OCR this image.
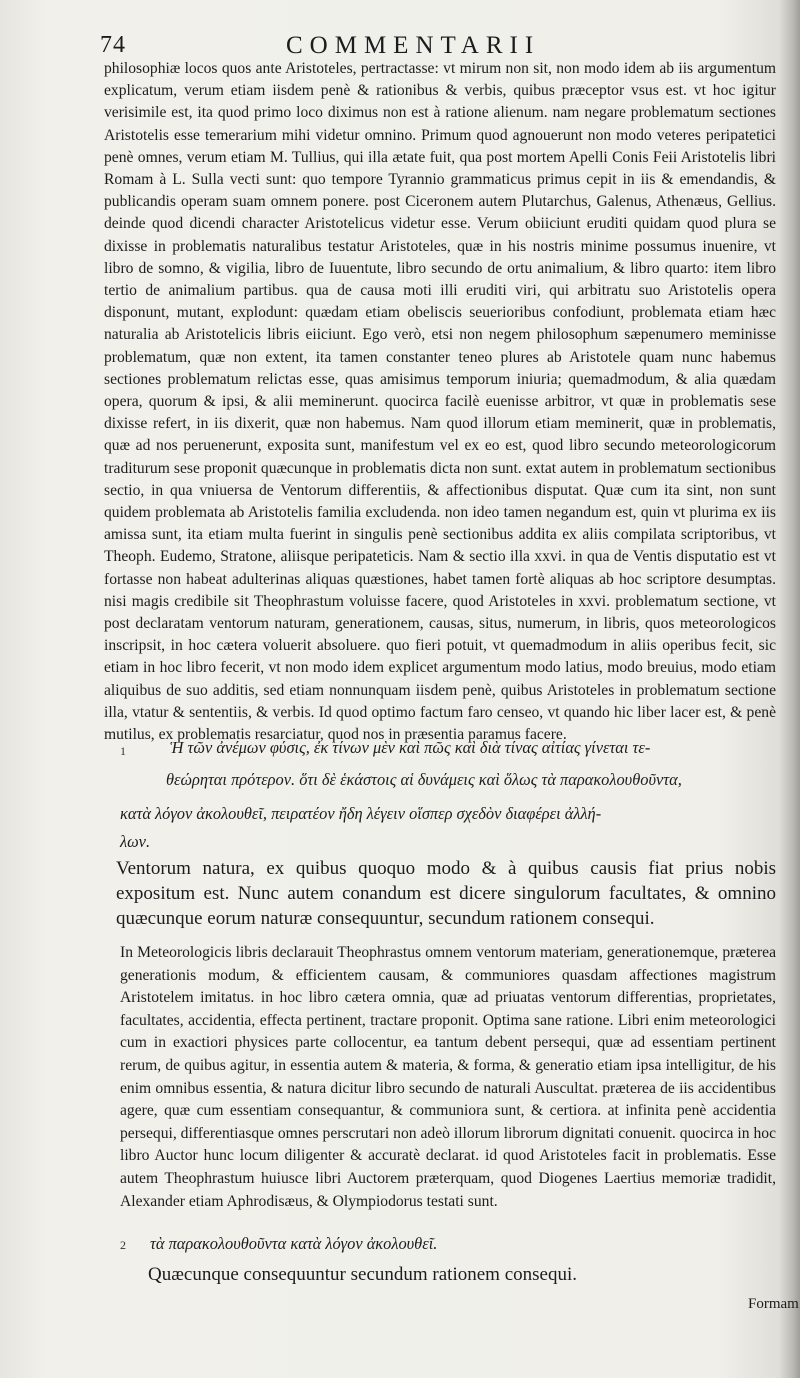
74	COMMENTARII

philosophiæ locos quos ante Aristoteles, pertractasse: vt mirum non sit, non modo idem ab iis argumentum explicatum, verum etiam iisdem penè & rationibus & verbis, quibus præceptor vsus est. vt hoc igitur verisimile est, ita quod primo loco diximus non est à ratione alienum. nam negare problematum sectiones Aristotelis esse temerarium mihi videtur omnino. Primum quod agnouerunt non modo veteres peripatetici penè omnes, verum etiam M. Tullius, qui illa ætate fuit, qua post mortem Apelli Conis Feii Aristotelis libri Romam à L. Sulla vecti sunt: quo tempore Tyrannio grammaticus primus cepit in iis & emendandis, & publicandis operam suam omnem ponere. post Ciceronem autem Plutarchus, Galenus, Athenæus, Gellius. deinde quod dicendi character Aristotelicus videtur esse. Verum obiiciunt eruditi quidam quod plura se dixisse in problematis naturalibus testatur Aristoteles, quæ in his nostris minime possumus inuenire, vt libro de somno, & vigilia, libro de Iuuentute, libro secundo de ortu animalium, & libro quarto: item libro tertio de animalium partibus. qua de causa moti illi eruditi viri, qui arbitratu suo Aristotelis opera disponunt, mutant, explodunt: quædam etiam obeliscis seuerioribus confodiunt, problemata etiam hæc naturalia ab Aristotelicis libris eiiciunt. Ego verò, etsi non negem philosophum sæpenumero meminisse problematum, quæ non extent, ita tamen constanter teneo plures ab Aristotele quam nunc habemus sectiones problematum relictas esse, quas amisimus temporum iniuria; quemadmodum, & alia quædam opera, quorum & ipsi, & alii meminerunt. quocirca facilè euenisse arbitror, vt quæ in problematis sese dixisse refert, in iis dixerit, quæ non habemus. Nam quod illorum etiam meminerit, quæ in problematis, quæ ad nos peruenerunt, exposita sunt, manifestum vel ex eo est, quod libro secundo meteorologicorum traditurum sese proponit quæcunque in problematis dicta non sunt. extat autem in problematum sectionibus sectio, in qua vniuersa de Ventorum differentiis, & affectionibus disputat. Quæ cum ita sint, non sunt quidem problemata ab Aristotelis familia excludenda. non ideo tamen negandum est, quin vt plurima ex iis amissa sunt, ita etiam multa fuerint in singulis penè sectionibus addita ex aliis compilata scriptoribus, vt Theoph. Eudemo, Stratone, aliisque peripateticis. Nam & sectio illa xxvi. in qua de Ventis disputatio est vt fortasse non habeat adulterinas aliquas quæstiones, habet tamen fortè aliquas ab hoc scriptore desumptas. nisi magis credibile sit Theophrastum voluisse facere, quod Aristoteles in xxvi. problematum sectione, vt post declaratam ventorum naturam, generationem, causas, situs, numerum, in libris, quos meteorologicos inscripsit, in hoc cætera voluerit absoluere. quo fieri potuit, vt quemadmodum in aliis operibus fecit, sic etiam in hoc libro fecerit, vt non modo idem explicet argumentum modo latius, modo breuius, modo etiam aliquibus de suo additis, sed etiam nonnunquam iisdem penè, quibus Aristoteles in problematum sectione illa, vtatur & sententiis, & verbis. Id quod optimo factum faro censeo, vt quando hic liber lacer est, & penè mutilus, ex problematis resarciatur, quod nos in præsentia paramus facere.

1	Ἡ τῶν ἀνέμων φύσις, ἐκ τίνων μὲν καὶ πῶς καὶ διὰ τίνας αἰτίας γίνεται τε-
θεώρηται πρότερον. ὅτι δὲ ἑκάστοις αἱ δυνάμεις καὶ ὅλως τὰ παρακολουθοῦντα,
κατὰ λόγον ἀκολουθεῖ, πειρατέον ἤδη λέγειν οἵσπερ σχεδὸν διαφέρει ἀλλή-
λων.
Ventorum natura, ex quibus quoquo modo & à quibus causis fiat prius nobis expositum est. Nunc autem conandum est dicere singulorum facultates, & omnino quæcunque eorum naturæ consequuntur, secundum rationem consequi.
In Meteorologicis libris declarauit Theophrastus omnem ventorum materiam, generationemque, præterea generationis modum, & efficientem causam, & communiores quasdam affectiones magistrum Aristotelem imitatus. in hoc libro cætera omnia, quæ ad priuatas ventorum differentias, proprietates, facultates, accidentia, effecta pertinent, tractare proponit. Optima sane ratione. Libri enim meteorologici cum in exactiori physices parte collocentur, ea tantum debent persequi, quæ ad essentiam pertinent rerum, de quibus agitur, in essentia autem & materia, & forma, & generatio etiam ipsa intelligitur, de his enim omnibus essentia, & natura dicitur libro secundo de naturali Auscultat. præterea de iis accidentibus agere, quæ cum essentiam consequantur, & communiora sunt, & certiora. at infinita penè accidentia persequi, differentiasque omnes perscrutari non adeò illorum librorum dignitati conuenit. quocirca in hoc libro Auctor hunc locum diligenter & accuratè declarat. id quod Aristoteles facit in problematis. Esse autem Theophrastum huiusce libri Auctorem præterquam, quod Diogenes Laertius memoriæ tradidit, Alexander etiam Aphrodisæus, & Olympiodorus testati sunt.
2 τὰ παρακολουθοῦντα κατὰ λόγον ἀκολουθεῖ.
Quæcunque consequuntur secundum rationem consequi.
Formam
